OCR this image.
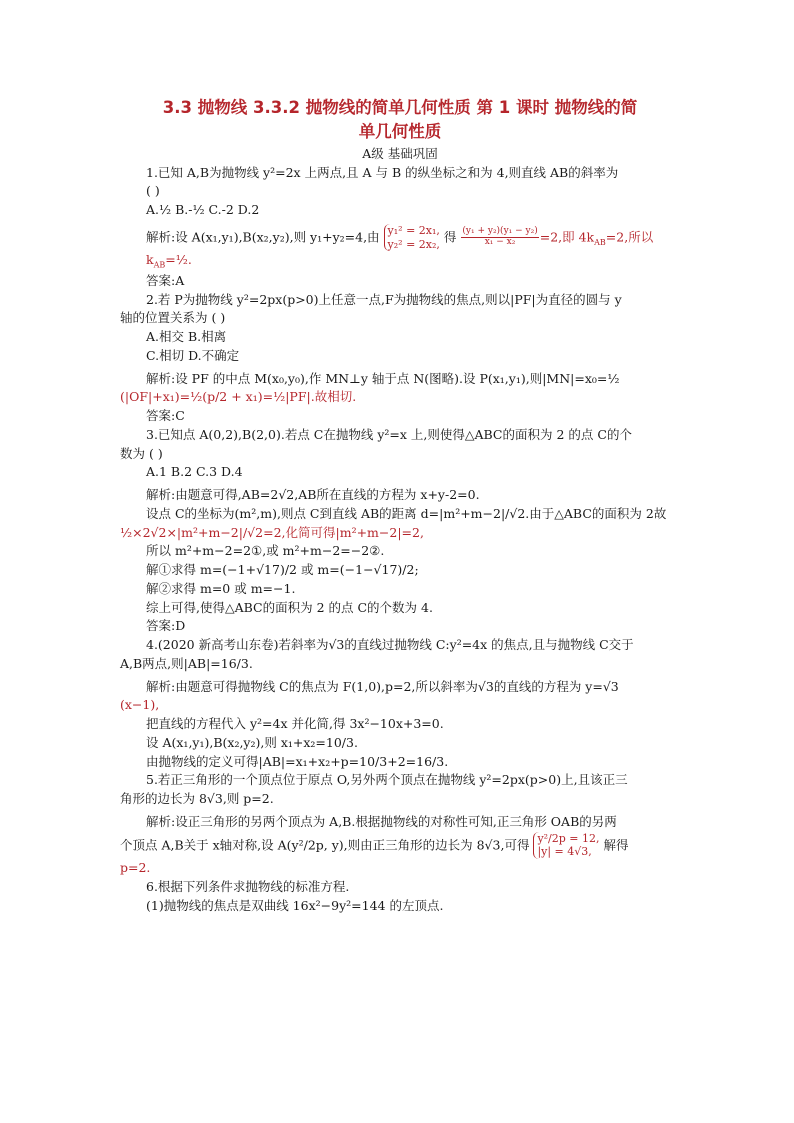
3.3 抛物线 3.3.2 抛物线的简单几何性质 第 1 课时 抛物线的简
单几何性质
A级 基础巩固
1.已知 A,B为抛物线 y²=2x 上两点,且 A 与 B 的纵坐标之和为 4,则直线 AB的斜率为
( )
A.½ B.-½ C.-2 D.2
解析:设 A(x₁,y₁),B(x₂,y₂),则 y₁+y₂=4,由 y₁² = 2x₁,
y₂² = 2x₂, 得 $\frac{\text{(y₁ + y₂)(y₁ − y₂)}}{\text{x₁ − x₂}} =2$,即 $4k_{AB}=2$,所以
$k_{AB}=\frac{1}{2}$.
答案:A
2.若 P为抛物线 y²=2px(p>0)上任意一点,F为抛物线的焦点,则以|PF|为直径的圆与 y
轴的位置关系为 ( )
A.相交 B.相离
C.相切 D.不确定
解析:设 PF 的中点 M(x₀,y₀),作 MN⊥y 轴于点 N(图略).设 P(x₁,y₁),则|MN|=x₀=½
(|OF|+x₁)=½(p/2 + x₁)=½|PF|.故相切.
答案:C
3.已知点 A(0,2),B(2,0).若点 C在抛物线 y²=x 上,则使得△ABC的面积为 2 的点 C的个
数为 ( )
A.1 B.2 C.3 D.4
解析:由题意可得,AB=2√2,AB所在直线的方程为 x+y-2=0.
设点 C的坐标为(m²,m),则点 C到直线 AB的距离 d=|m²+m−2|/√2.由于△ABC的面积为 2故
½×2√2×|m²+m−2|/√2=2,化简可得|m²+m−2|=2,
所以 m²+m−2=2①,或 m²+m−2=−2②.
解①求得 m=(−1+√17)/2 或 m=(−1−√17)/2;
解②求得 m=0 或 m=−1.
综上可得,使得△ABC的面积为 2 的点 C的个数为 4.
答案:D
4.(2020 新高考山东卷)若斜率为√3的直线过抛物线 C:y²=4x 的焦点,且与抛物线 C交于
A,B两点,则|AB|=16/3.
解析:由题意可得抛物线 C的焦点为 F(1,0),p=2,所以斜率为√3的直线的方程为 y=√3
(x−1),
把直线的方程代入 y²=4x 并化简,得 3x²−10x+3=0.
设 A(x₁,y₁),B(x₂,y₂),则 x₁+x₂=10/3.
由抛物线的定义可得|AB|=x₁+x₂+p=10/3+2=16/3.
5.若正三角形的一个顶点位于原点 O,另外两个顶点在抛物线 y²=2px(p>0)上,且该正三
角形的边长为 8√3,则 p=2.
解析:设正三角形的另两个顶点为 A,B.根据抛物线的对称性可知,正三角形 OAB的另两
个顶点 A,B关于 x轴对称,设 A(y²/2p, y),则由正三角形的边长为 8√3,可得 y²/2p = 12,
|y| = 4√3, 解得
p=2.
6.根据下列条件求抛物线的标准方程.
(1)抛物线的焦点是双曲线 16x²−9y²=144 的左顶点.
